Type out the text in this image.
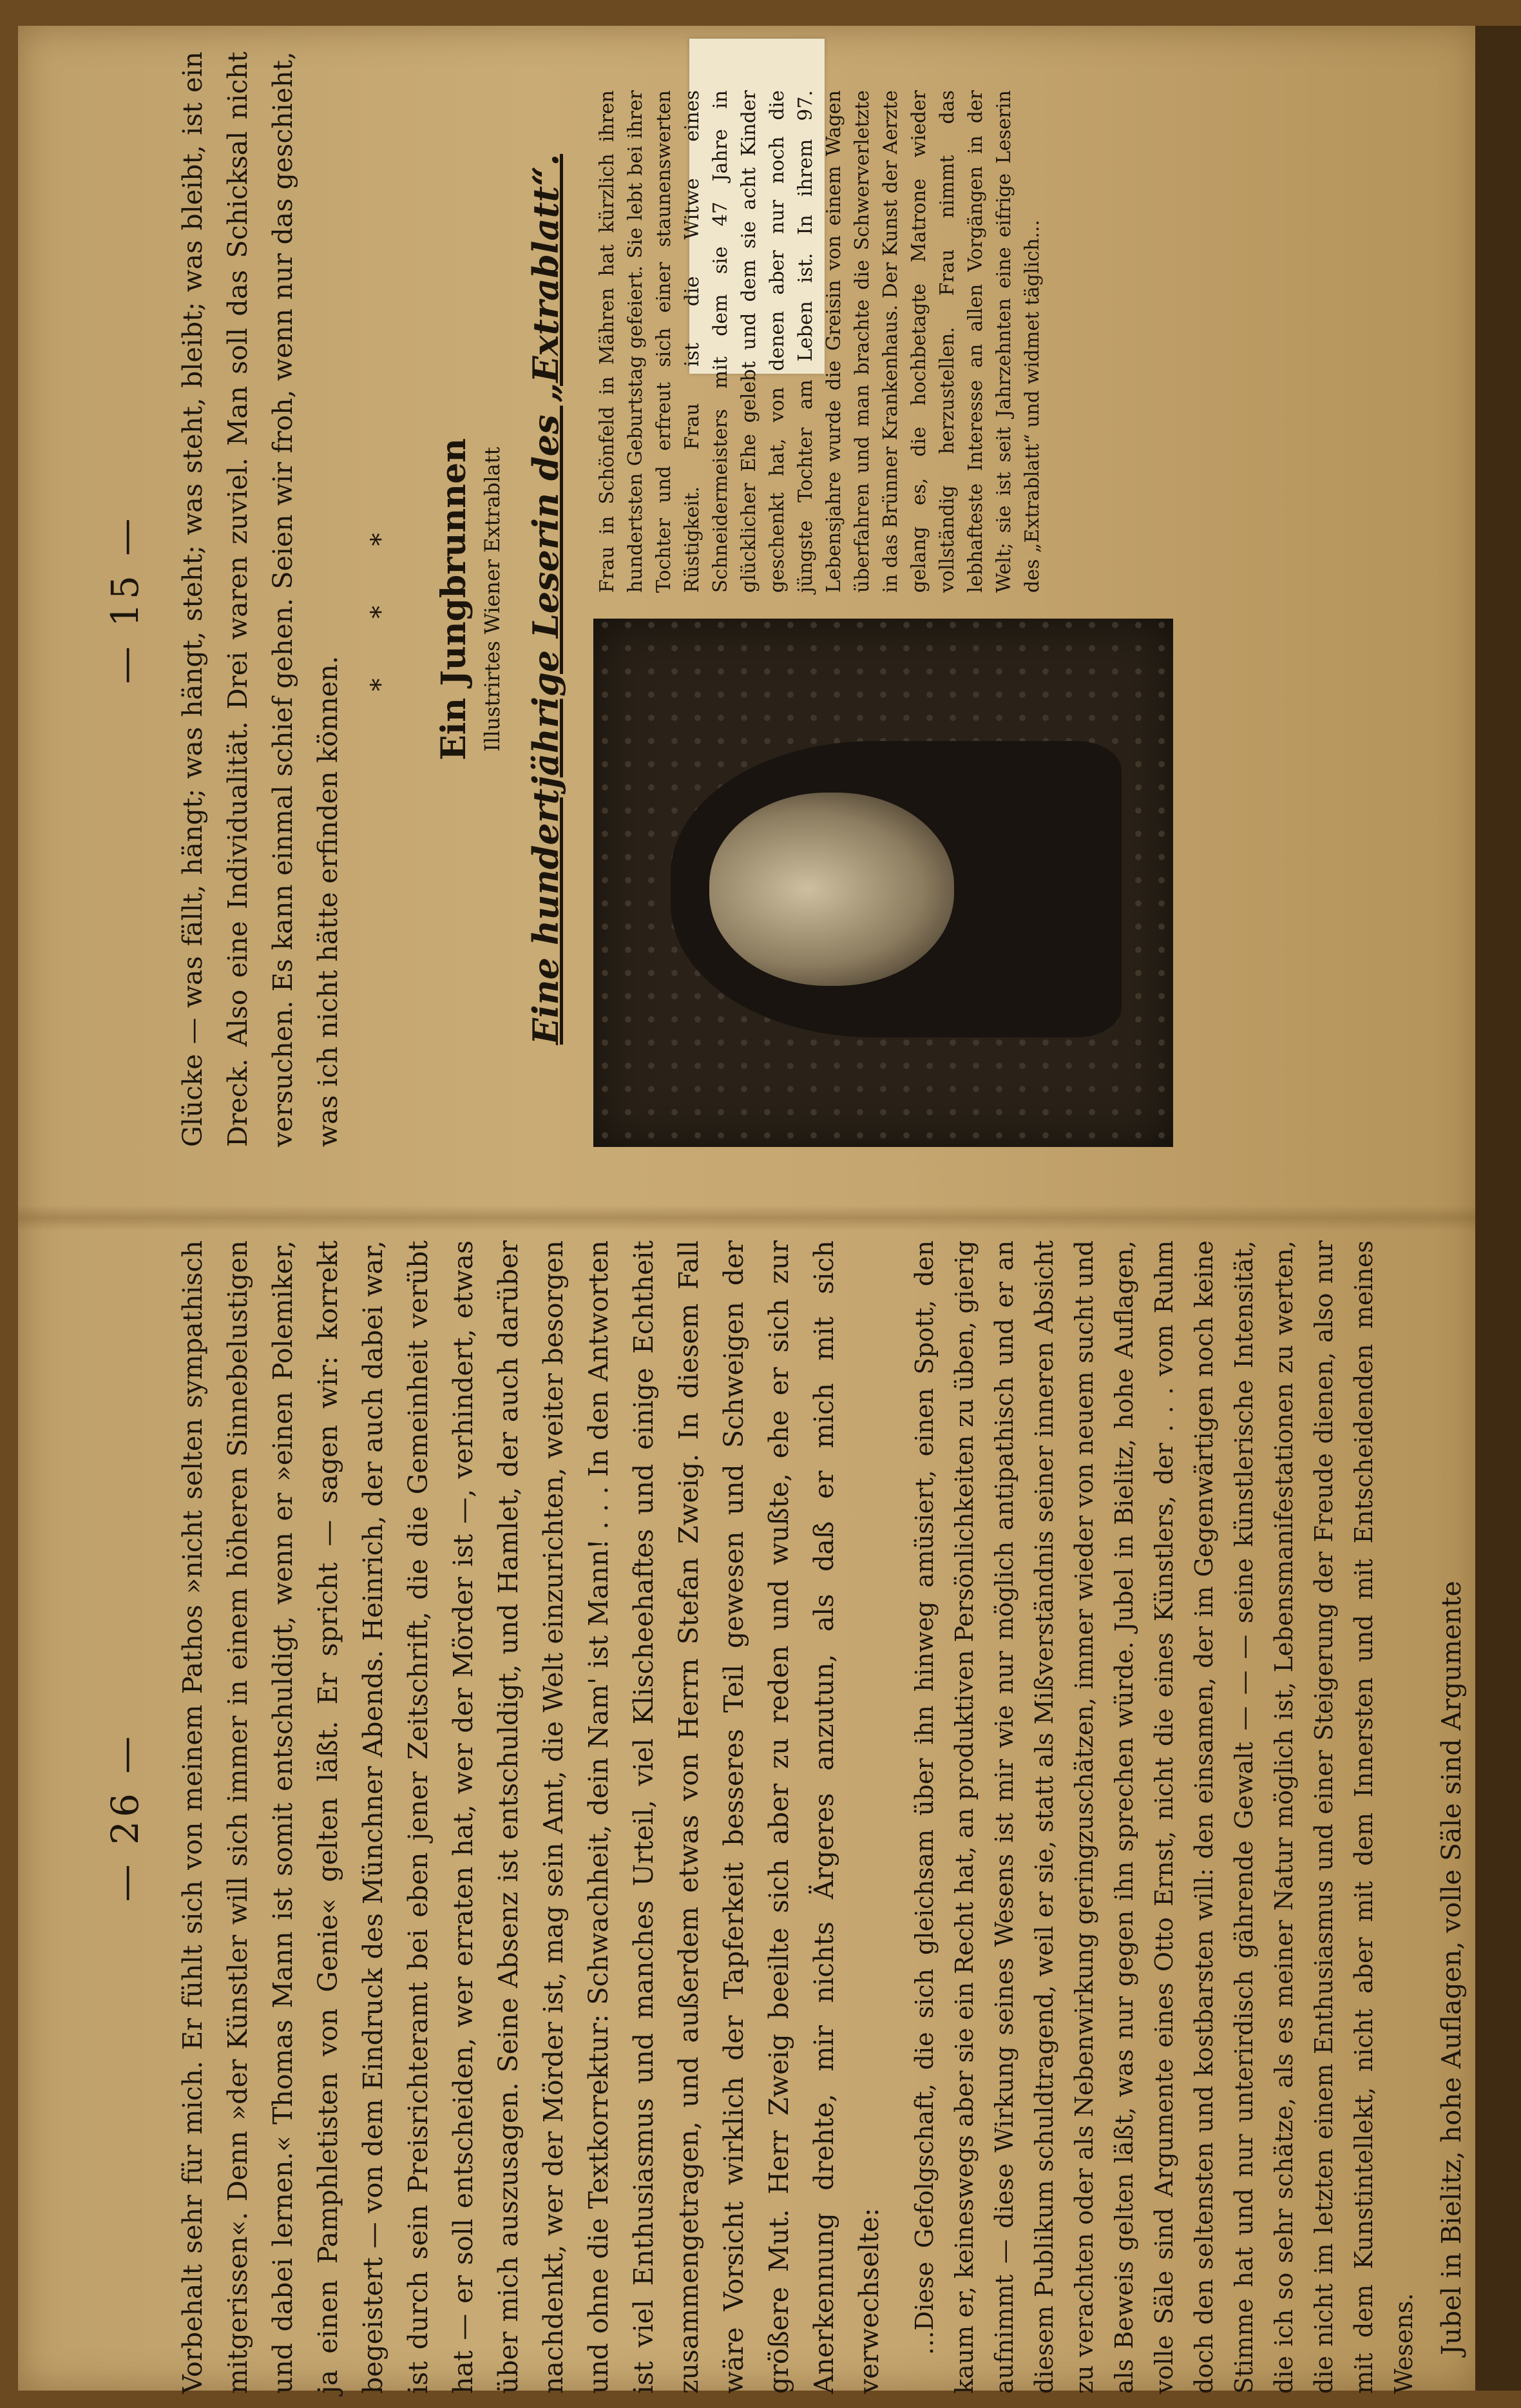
— 15 — Glücke — was fällt, hängt; was hängt, steht; was steht, bleibt; was bleibt, ist ein Dreck. Also eine Individualität. Drei waren zuviel. Man soll das Schicksal nicht versuchen. Es kann einmal schief gehen. Seien wir froh, wenn nur das geschieht, was ich nicht hätte erfinden können.

* * * Ein Jungbrunnen Illustrirtes Wiener Extrablatt Eine hundertjährige Leserin des „Extrablatt“. Frau in Schönfeld in Mähren hat kürzlich ihren hundertsten Geburtstag gefeiert. Sie lebt bei ihrer Tochter und erfreut sich einer staunenswerten Rüstigkeit. Frau ist die Witwe eines Schneidermeisters mit dem sie 47 Jahre in glücklicher Ehe gelebt und dem sie acht Kinder geschenkt hat, von denen aber nur noch die jüngste Tochter am Leben ist. In ihrem 97. Lebensjahre wurde die Greisin von einem Wagen überfahren und man brachte die Schwerverletzte in das Brünner Krankenhaus. Der Kunst der Aerzte gelang es, die hochbetagte Matrone wieder vollständig herzustellen. Frau nimmt das lebhafteste Interesse an allen Vorgängen in der Welt; sie ist seit Jahrzehnten eine eifrige Leserin des „Extrablatt“ und widmet täglich...
— 26 — Vorbehalt sehr für mich. Er fühlt sich von meinem Pathos »nicht selten sympathisch mitgerissen«. Denn »der Künstler will sich immer in einem höheren Sinnebelustigen und dabei lernen.« Thomas Mann ist somit entschuldigt, wenn er »einen Polemiker, ja einen Pamphletisten von Genie« gelten läßt. Er spricht — sagen wir: korrekt begeistert — von dem Eindruck des Münchner Abends. Heinrich, der auch dabei war, ist durch sein Preisrichteramt bei eben jener Zeitschrift, die die Gemeinheit verübt hat — er soll entscheiden, wer erraten hat, wer der Mörder ist —, verhindert, etwas über mich auszusagen. Seine Absenz ist entschuldigt, und Hamlet, der auch darüber nachdenkt, wer der Mörder ist, mag sein Amt, die Welt einzurichten, weiter besorgen und ohne die Textkorrektur: Schwachheit, dein Nam' ist Mann! . . . In den Antworten ist viel Enthusiasmus und manches Urteil, viel Klischeehaftes und einige Echtheit zusammengetragen, und außerdem etwas von Herrn Stefan Zweig. In diesem Fall wäre Vorsicht wirklich der Tapferkeit besseres Teil gewesen und Schweigen der größere Mut. Herr Zweig beeilte sich aber zu reden und wußte, ehe er sich zur Anerkennung drehte, mir nichts Ärgeres anzutun, als daß er mich mit sich verwechselte: …Diese Gefolgschaft, die sich gleichsam über ihn hinweg amüsiert, einen Spott, den kaum er, keineswegs aber sie ein Recht hat, an produktiven Persönlichkeiten zu üben, gierig aufnimmt — diese Wirkung seines Wesens ist mir wie nur möglich antipathisch und er an diesem Publikum schuldtragend, weil er sie, statt als Mißverständnis seiner inneren Absicht zu verachten oder als Nebenwirkung geringzuschätzen, immer wieder von neuem sucht und als Beweis gelten läßt, was nur gegen ihn sprechen würde. Jubel in Bielitz, hohe Auflagen, volle Säle sind Argumente eines Otto Ernst, nicht die eines Künstlers, der . . . vom Ruhm doch den seltensten und kostbarsten will: den einsamen, der im Gegenwärtigen noch keine Stimme hat und nur unterirdisch gährende Gewalt — — — seine künstlerische Intensität, die ich so sehr schätze, als es meiner Natur möglich ist, Lebensmanifestationen zu werten, die nicht im letzten einem Enthusiasmus und einer Steigerung der Freude dienen, also nur mit dem Kunstintellekt, nicht aber mit dem Innersten und mit Entscheidenden meines Wesens. Jubel in Bielitz, hohe Auflagen, volle Säle sind Argumente
